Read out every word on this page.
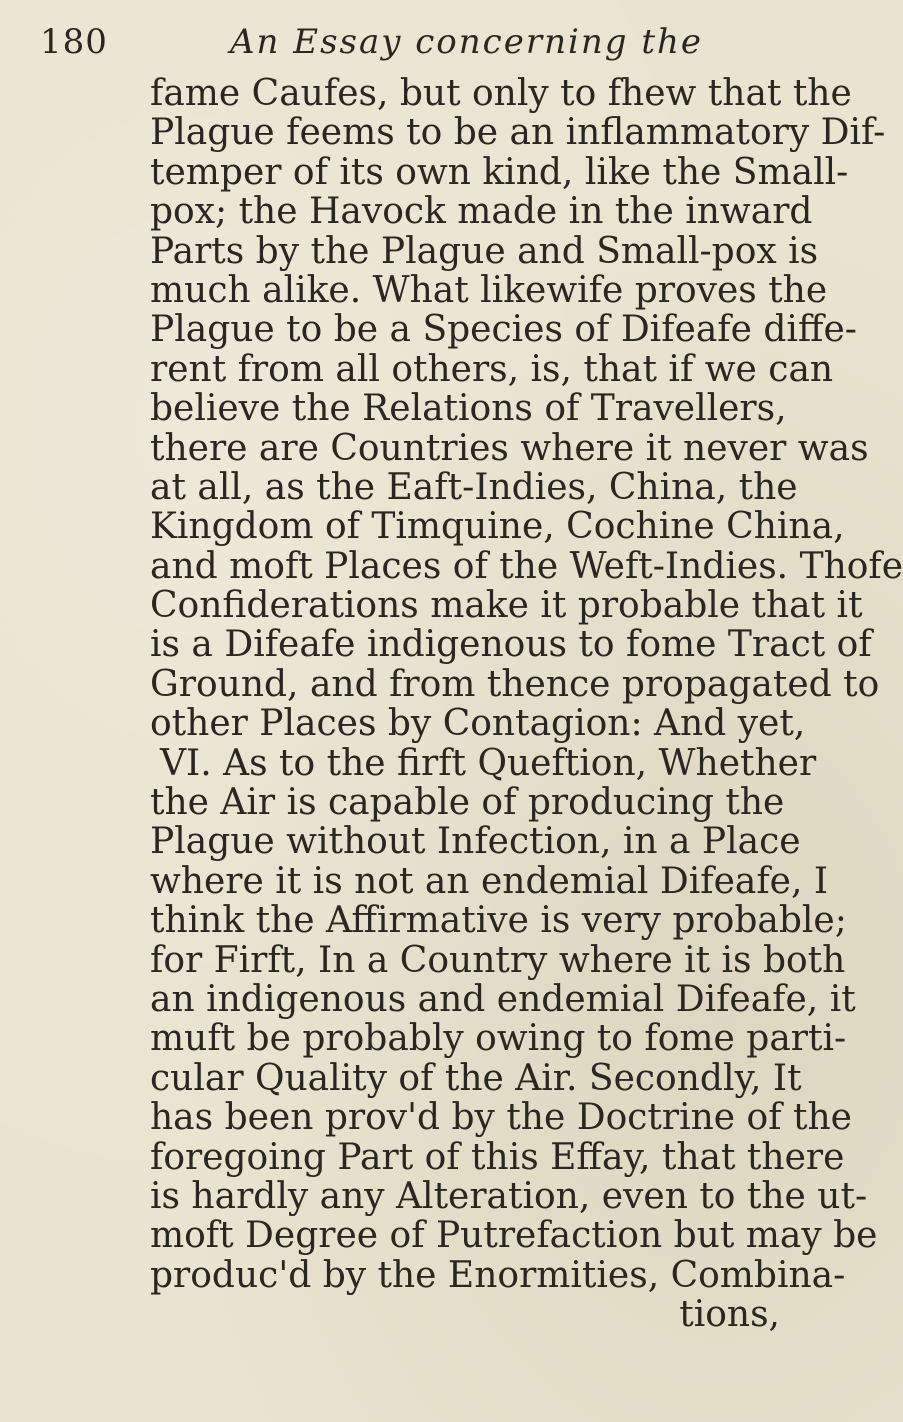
180	An Essay concerning the
fame Caufes, but only to fhew that the
Plague feems to be an inflammatory Dif-
temper of its own kind, like the Small-
pox; the Havock made in the inward
Parts by the Plague and Small-pox is
much alike. What likewife proves the
Plague to be a Species of Difeafe diffe-
rent from all others, is, that if we can
believe the Relations of Travellers,
there are Countries where it never was
at all, as the Eaft-Indies, China, the
Kingdom of Timquine, Cochine China,
and moft Places of the Weft-Indies. Thofe
Confiderations make it probable that it
is a Difeafe indigenous to fome Tract of
Ground, and from thence propagated to
other Places by Contagion: And yet,
VI. As to the firft Queftion, Whether
the Air is capable of producing the
Plague without Infection, in a Place
where it is not an endemial Difeafe, I
think the Affirmative is very probable;
for Firft, In a Country where it is both
an indigenous and endemial Difeafe, it
muft be probably owing to fome parti-
cular Quality of the Air. Secondly, It
has been prov'd by the Doctrine of the
foregoing Part of this Effay, that there
is hardly any Alteration, even to the ut-
moft Degree of Putrefaction but may be
produc'd by the Enormities, Combina-
tions,
